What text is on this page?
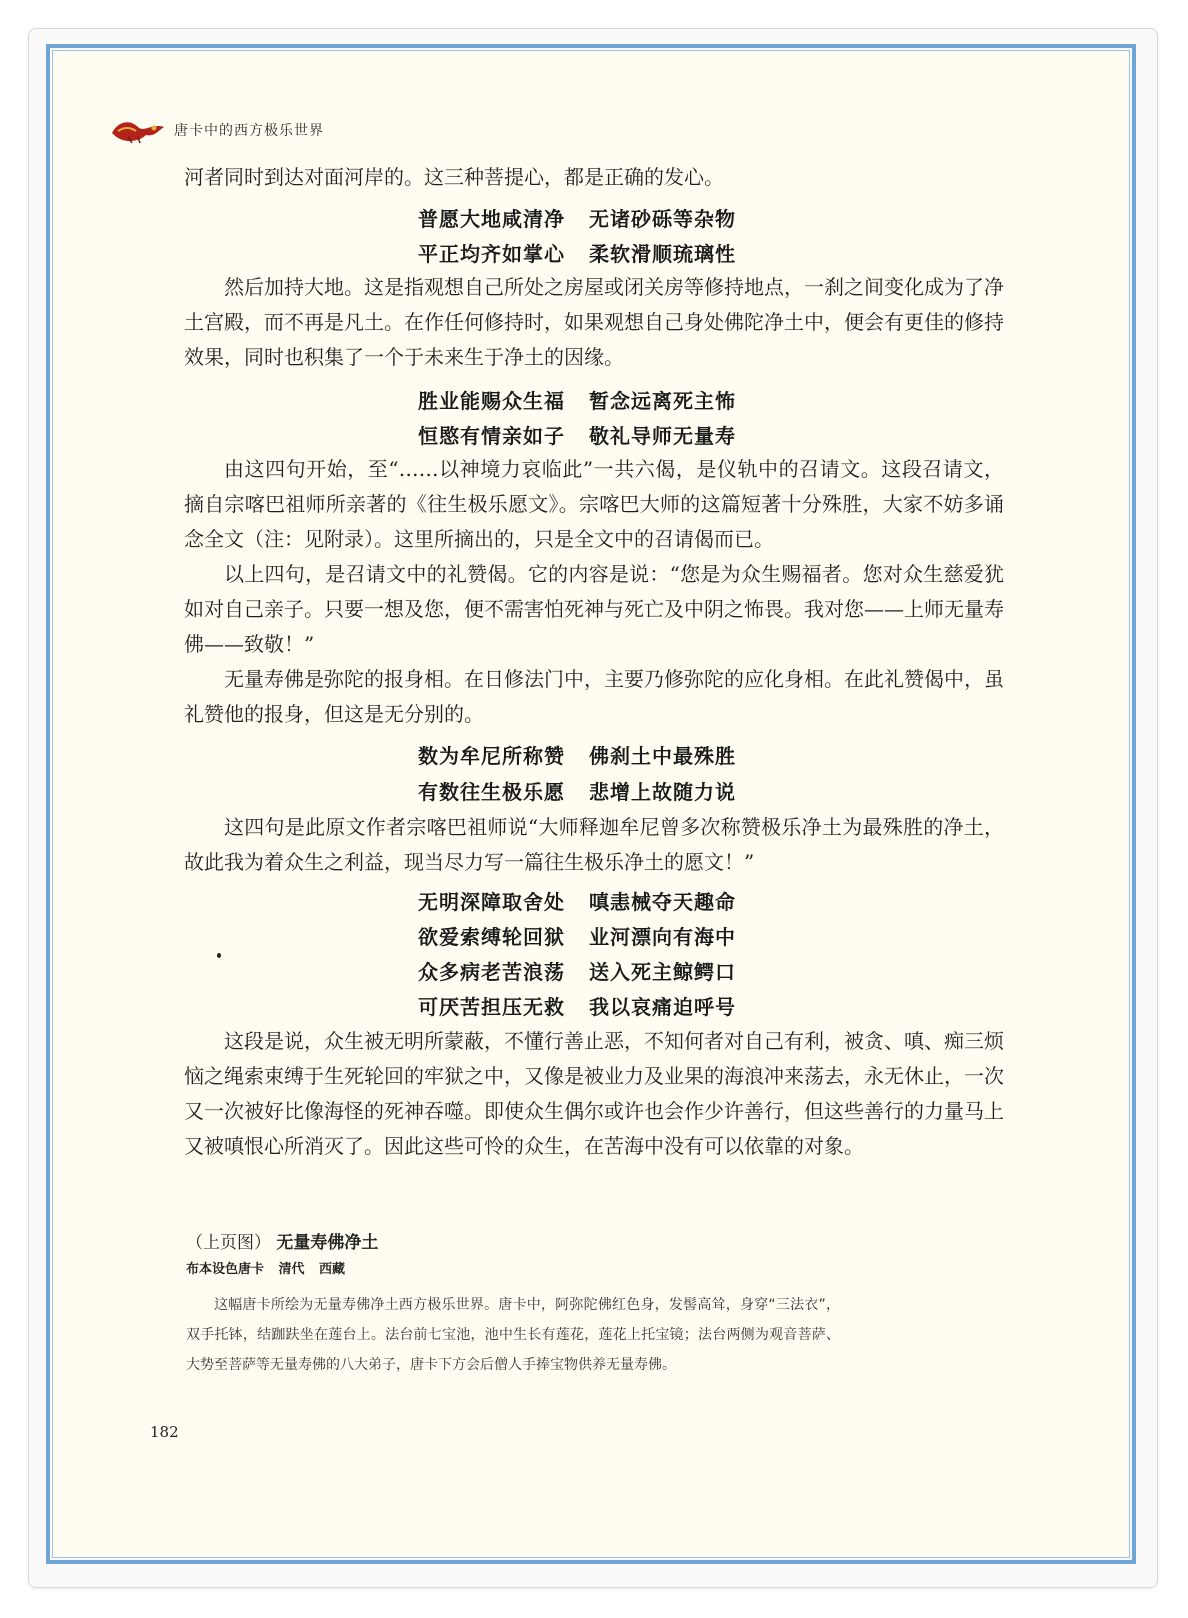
唐卡中的西方极乐世界

河者同时到达对面河岸的。这三种菩提心，都是正确的发心。

普愿大地咸清净 无诸砂砾等杂物

平正均齐如掌心 柔软滑顺琉璃性

然后加持大地。这是指观想自己所处之房屋或闭关房等修持地点，一刹之间变化成为了净土宫殿，而不再是凡土。在作任何修持时，如果观想自己身处佛陀净土中，便会有更佳的修持效果，同时也积集了一个于未来生于净土的因缘。

胜业能赐众生福 暂念远离死主怖

恒愍有情亲如子 敬礼导师无量寿

由这四句开始，至“……以神境力哀临此”一共六偈，是仪轨中的召请文。这段召请文，摘自宗喀巴祖师所亲著的《往生极乐愿文》。宗喀巴大师的这篇短著十分殊胜，大家不妨多诵念全文（注：见附录）。这里所摘出的，只是全文中的召请偈而已。

以上四句，是召请文中的礼赞偈。它的内容是说：“您是为众生赐福者。您对众生慈爱犹如对自己亲子。只要一想及您，便不需害怕死神与死亡及中阴之怖畏。我对您——上师无量寿佛——致敬！”

无量寿佛是弥陀的报身相。在日修法门中，主要乃修弥陀的应化身相。在此礼赞偈中，虽礼赞他的报身，但这是无分别的。

数为牟尼所称赞 佛刹土中最殊胜

有数往生极乐愿 悲增上故随力说

这四句是此原文作者宗喀巴祖师说“大师释迦牟尼曾多次称赞极乐净土为最殊胜的净土，故此我为着众生之利益，现当尽力写一篇往生极乐净土的愿文！”

无明深障取舍处 嗔恚械夺天趣命

欲爱索缚轮回狱 业河漂向有海中

众多病老苦浪荡 送入死主鲸鳄口

可厌苦担压无救 我以哀痛迫呼号

这段是说，众生被无明所蒙蔽，不懂行善止恶，不知何者对自己有利，被贪、嗔、痴三烦恼之绳索束缚于生死轮回的牢狱之中，又像是被业力及业果的海浪冲来荡去，永无休止，一次又一次被好比像海怪的死神吞噬。即使众生偶尔或许也会作少许善行，但这些善行的力量马上又被嗔恨心所消灭了。因此这些可怜的众生，在苦海中没有可以依靠的对象。

（上页图） 无量寿佛净土

布本设色唐卡 清代 西藏

这幅唐卡所绘为无量寿佛净土西方极乐世界。唐卡中，阿弥陀佛红色身，发髻高耸，身穿“三法衣”，双手托钵，结跏趺坐在莲台上。法台前七宝池，池中生长有莲花，莲花上托宝镜；法台两侧为观音菩萨、大势至菩萨等无量寿佛的八大弟子，唐卡下方会后僧人手捧宝物供养无量寿佛。

182
